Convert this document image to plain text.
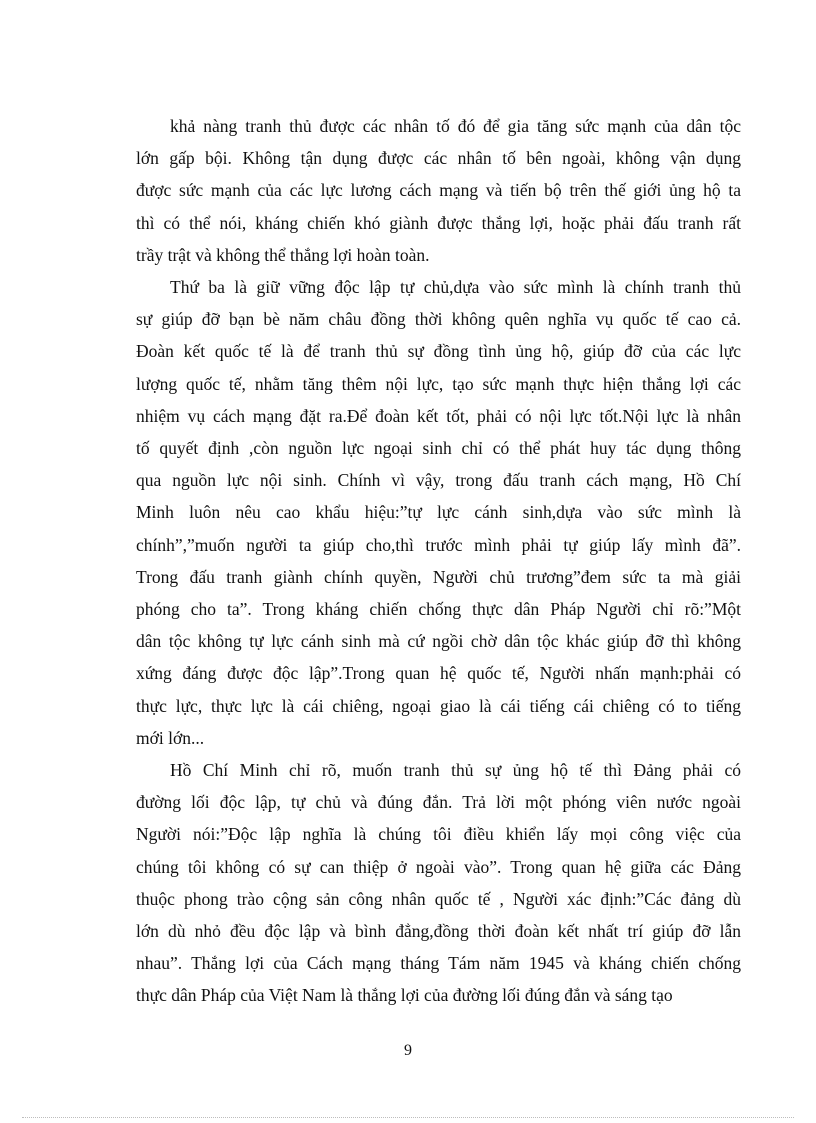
khả nàng tranh thủ được các nhân tố đó để gia tăng sức mạnh của dân tộc
lớn gấp bội. Không tận dụng được các nhân tố bên ngoài, không vận dụng
được sức mạnh của các lực lương cách mạng và tiến bộ trên thế giới ủng hộ ta
thì có thể nói, kháng chiến khó giành được thắng lợi, hoặc phải đấu tranh rất
trầy trật và không thể thắng lợi hoàn toàn.

Thứ ba là giữ vững độc lập tự chủ,dựa vào sức mình là chính tranh thủ
sự giúp đỡ bạn bè năm châu đồng thời không quên nghĩa vụ quốc tế cao cả.
Đoàn kết quốc tế là để tranh thủ sự đồng tình ủng hộ, giúp đỡ của các lực
lượng quốc tế, nhằm tăng thêm nội lực, tạo sức mạnh thực hiện thắng lợi các
nhiệm vụ cách mạng đặt ra.Để đoàn kết tốt, phải có nội lực tốt.Nội lực là nhân
tố quyết định ,còn nguồn lực ngoại sinh chỉ có thể phát huy tác dụng thông
qua nguồn lực nội sinh. Chính vì vậy, trong đấu tranh cách mạng, Hồ Chí
Minh luôn nêu cao khẩu hiệu:”tự lực cánh sinh,dựa vào sức mình là
chính”,”muốn người ta giúp cho,thì trước mình phải tự giúp lấy mình đã”.
Trong đấu tranh giành chính quyền, Người chủ trương”đem sức ta mà giải
phóng cho ta”. Trong kháng chiến chống thực dân Pháp Người chỉ rõ:”Một
dân tộc không tự lực cánh sinh mà cứ ngồi chờ dân tộc khác giúp đỡ thì không
xứng đáng được độc lập”.Trong quan hệ quốc tế, Người nhấn mạnh:phải có
thực lực, thực lực là cái chiêng, ngoại giao là cái tiếng cái chiêng có to tiếng
mới lớn...

Hồ Chí Minh chỉ rõ, muốn tranh thủ sự ủng hộ tế thì Đảng phải có
đường lối độc lập, tự chủ và đúng đắn. Trả lời một phóng viên nước ngoài
Người nói:”Độc lập nghĩa là chúng tôi điều khiển lấy mọi công việc của
chúng tôi không có sự can thiệp ở ngoài vào”. Trong quan hệ giữa các Đảng
thuộc phong trào cộng sản công nhân quốc tế , Người xác định:”Các đảng dù
lớn dù nhỏ đều độc lập và bình đẳng,đồng thời đoàn kết nhất trí giúp đỡ lẫn
nhau”. Thắng lợi của Cách mạng tháng Tám năm 1945 và kháng chiến chống
thực dân Pháp của Việt Nam là thắng lợi của đường lối đúng đắn và sáng tạo

9
